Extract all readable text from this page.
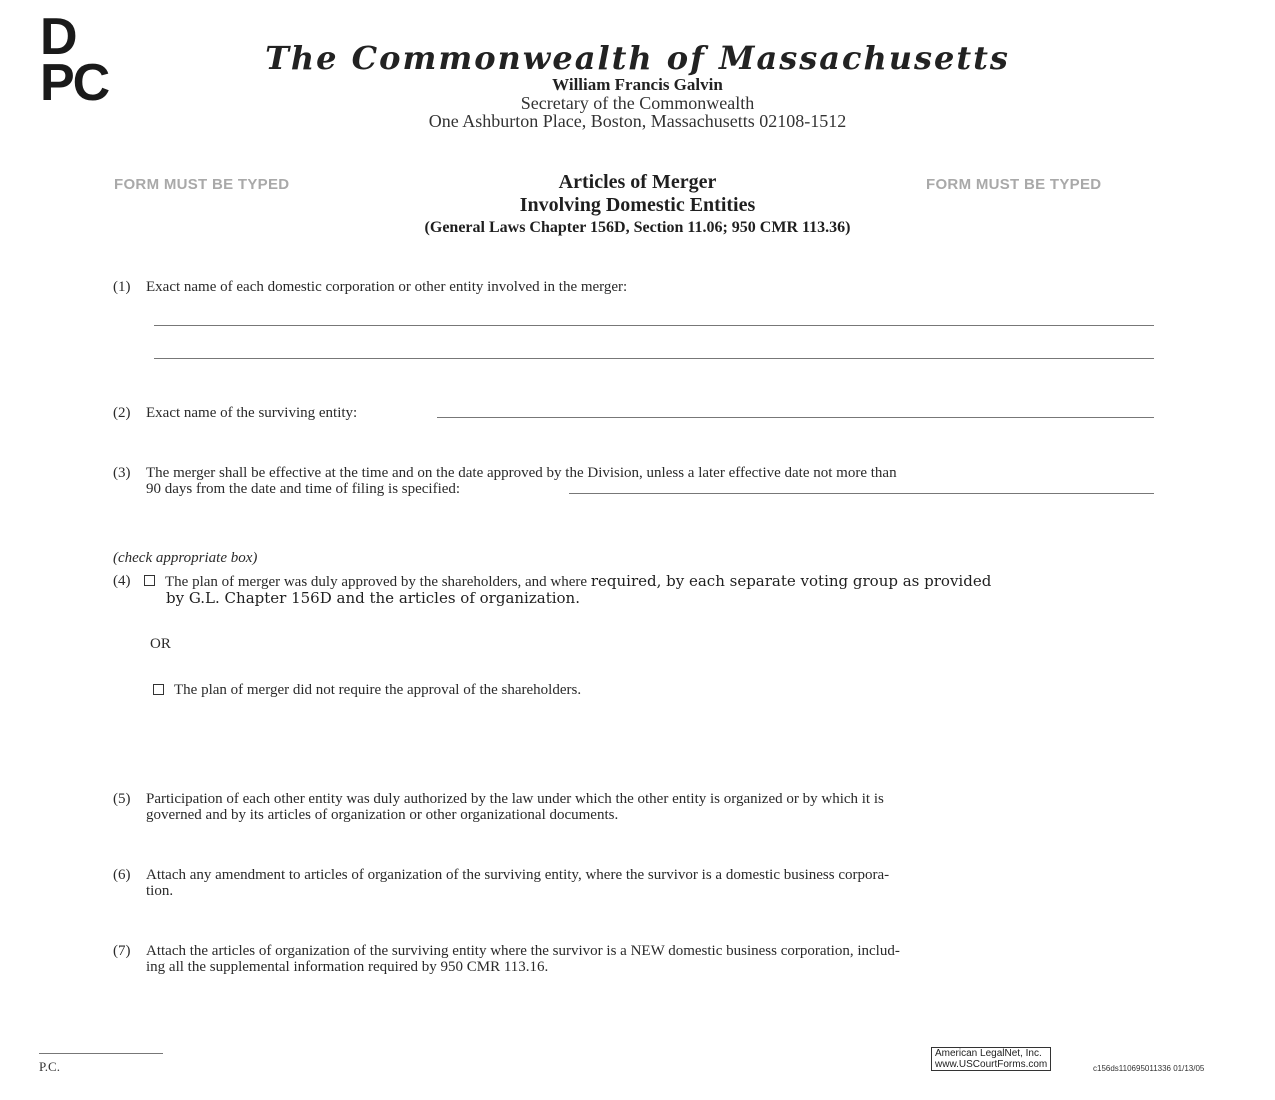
D
PC	The Commonwealth of Massachusetts
William Francis Galvin
Secretary of the Commonwealth
One Ashburton Place, Boston, Massachusetts 02108-1512
FORM MUST BE TYPED	FORM MUST BE TYPED
Articles of Merger
Involving Domestic Entities
(General Laws Chapter 156D, Section 11.06; 950 CMR 113.36)
(1) Exact name of each domestic corporation or other entity involved in the merger:
(2) Exact name of the surviving entity:
(3) The merger shall be effective at the time and on the date approved by the Division, unless a later effective date not more than
90 days from the date and time of filing is specified:
(check appropriate box)
(4) The plan of merger was duly approved by the shareholders, and where required, by each separate voting group as provided
by G.L. Chapter 156D and the articles of organization.
OR
The plan of merger did not require the approval of the shareholders.
(5) Participation of each other entity was duly authorized by the law under which the other entity is organized or by which it is
governed and by its articles of organization or other organizational documents.
(6) Attach any amendment to articles of organization of the surviving entity, where the survivor is a domestic business corpora-
tion.
(7) Attach the articles of organization of the surviving entity where the survivor is a NEW domestic business corporation, includ-
ing all the supplemental information required by 950 CMR 113.16.
P.C.
American LegalNet, Inc.
www.USCourtForms.com	c156ds110695011336 01/13/05
